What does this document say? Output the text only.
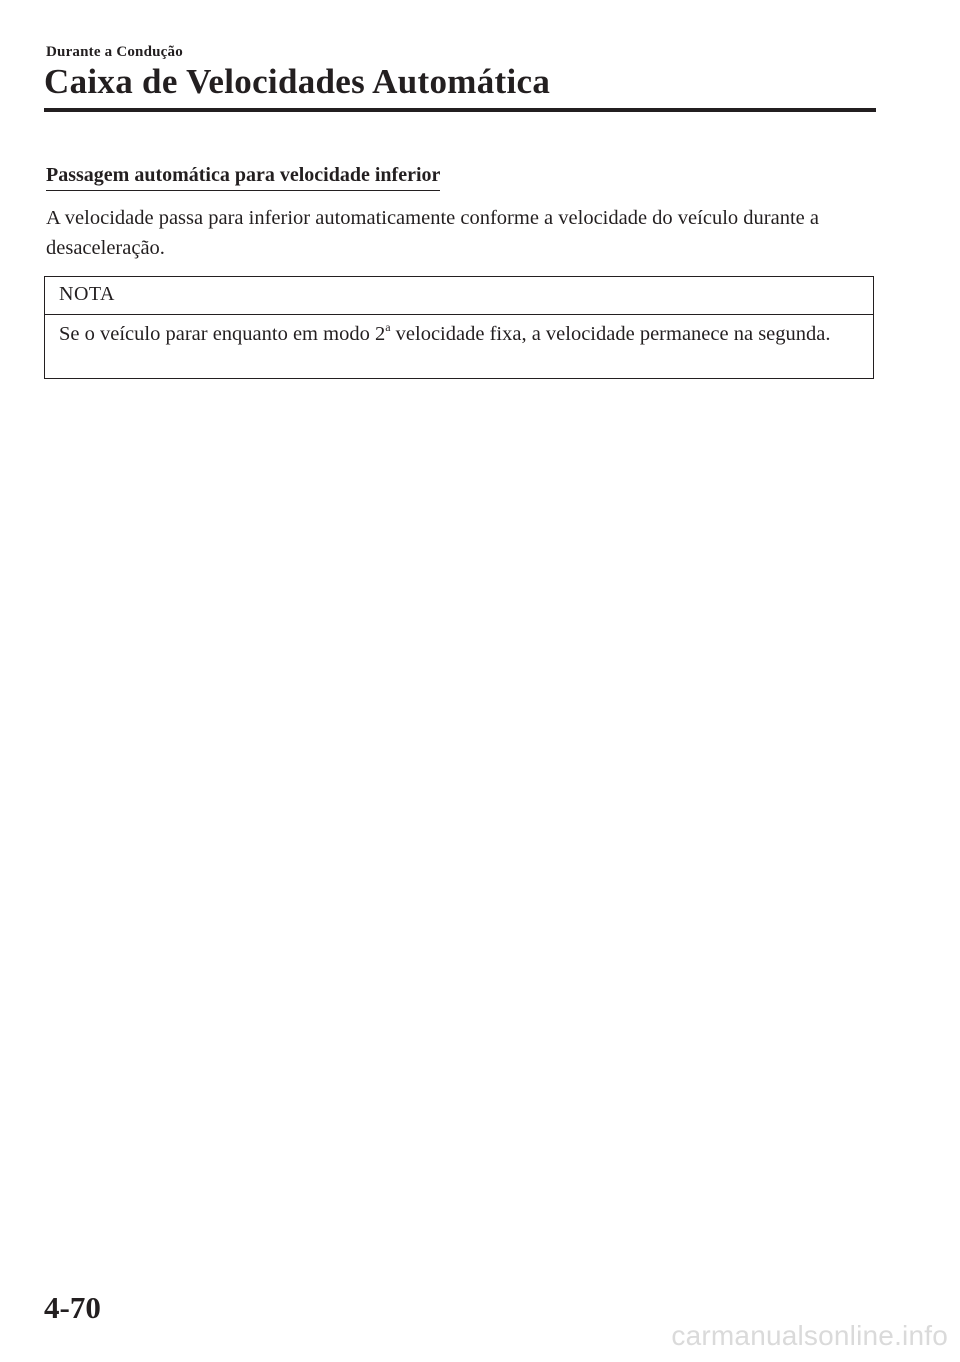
Durante a Condução
Caixa de Velocidades Automática
Passagem automática para velocidade inferior

A velocidade passa para inferior automaticamente conforme a velocidade do veículo durante a desaceleração.

NOTA

Se o veículo parar enquanto em modo 2$^a$ velocidade fixa, a velocidade permanece na segunda.

4-70
carmanualsonline.info
